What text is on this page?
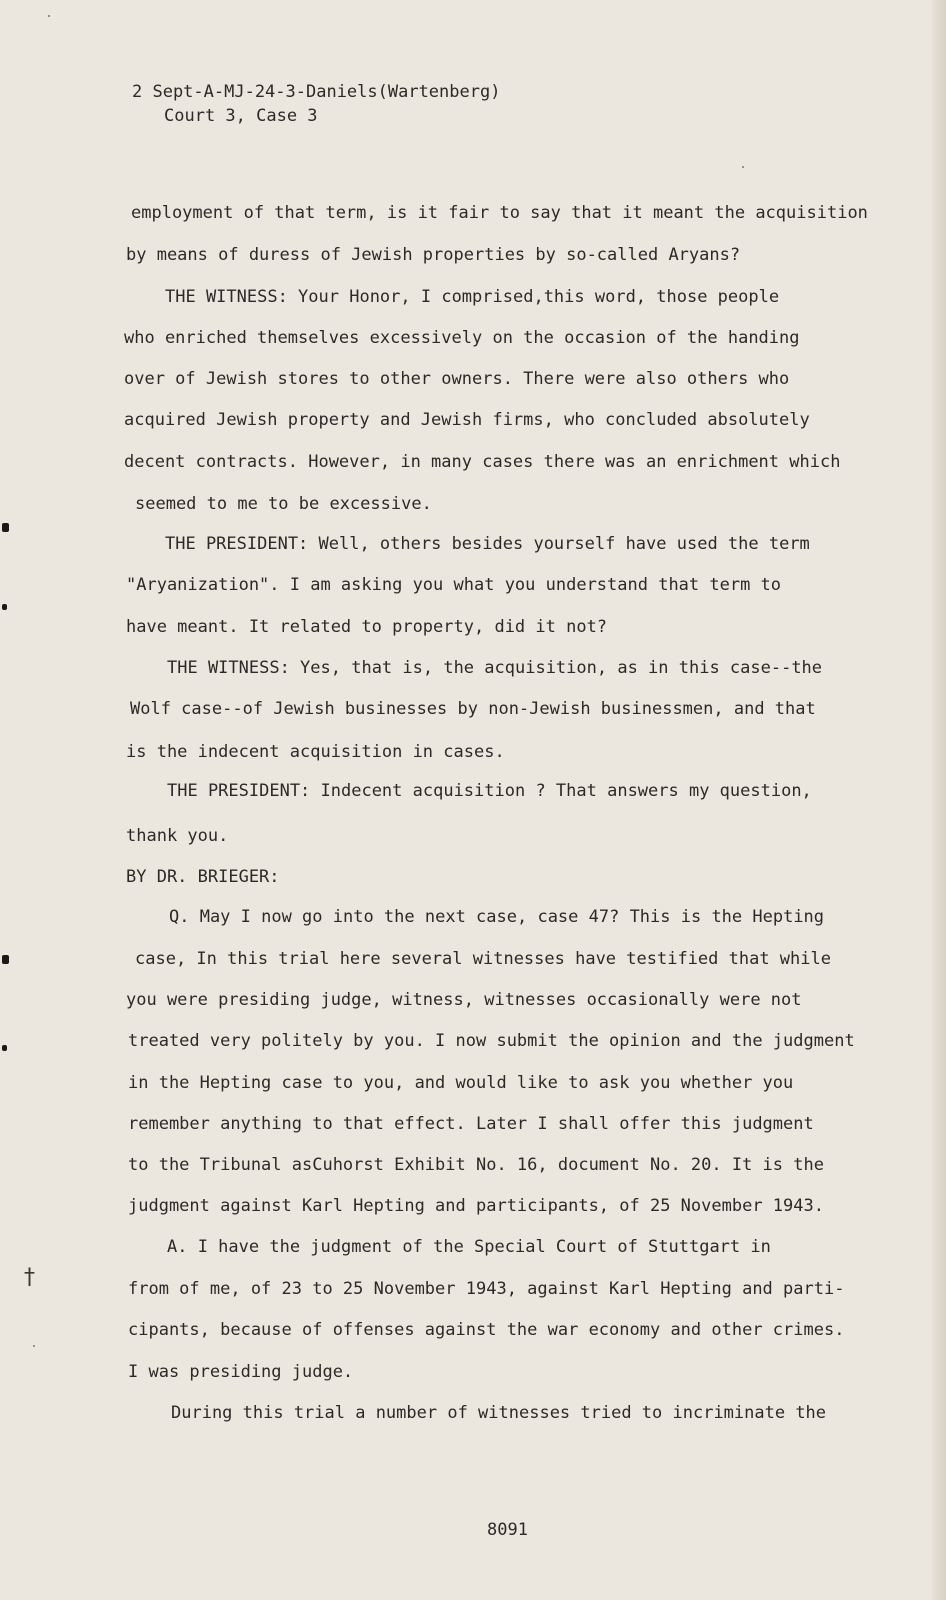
2 Sept-A-MJ-24-3-Daniels(Wartenberg)
Court 3, Case 3
employment of that term, is it fair to say that it meant the acquisition
by means of duress of Jewish properties by so-called Aryans?
THE WITNESS: Your Honor, I comprised,this word, those people
who enriched themselves excessively on the occasion of the handing
over of Jewish stores to other owners. There were also others who
acquired Jewish property and Jewish firms, who concluded absolutely
decent contracts. However, in many cases there was an enrichment which
seemed to me to be excessive.
THE PRESIDENT: Well, others besides yourself have used the term
"Aryanization". I am asking you what you understand that term to
have meant. It related to property, did it not?
THE WITNESS: Yes, that is, the acquisition, as in this case--the
Wolf case--of Jewish businesses by non-Jewish businessmen, and that
is the indecent acquisition in cases.
THE PRESIDENT: Indecent acquisition ? That answers my question,
thank you.
BY DR. BRIEGER:
Q. May I now go into the next case, case 47? This is the Hepting
case, In this trial here several witnesses have testified that while
you were presiding judge, witness, witnesses occasionally were not
treated very politely by you. I now submit the opinion and the judgment
in the Hepting case to you, and would like to ask you whether you
remember anything to that effect. Later I shall offer this judgment
to the Tribunal asCuhorst Exhibit No. 16, document No. 20. It is the
judgment against Karl Hepting and participants, of 25 November 1943.
A. I have the judgment of the Special Court of Stuttgart in
from of me, of 23 to 25 November 1943, against Karl Hepting and parti-
cipants, because of offenses against the war economy and other crimes.
I was presiding judge.
During this trial a number of witnesses tried to incriminate the
8091
†
